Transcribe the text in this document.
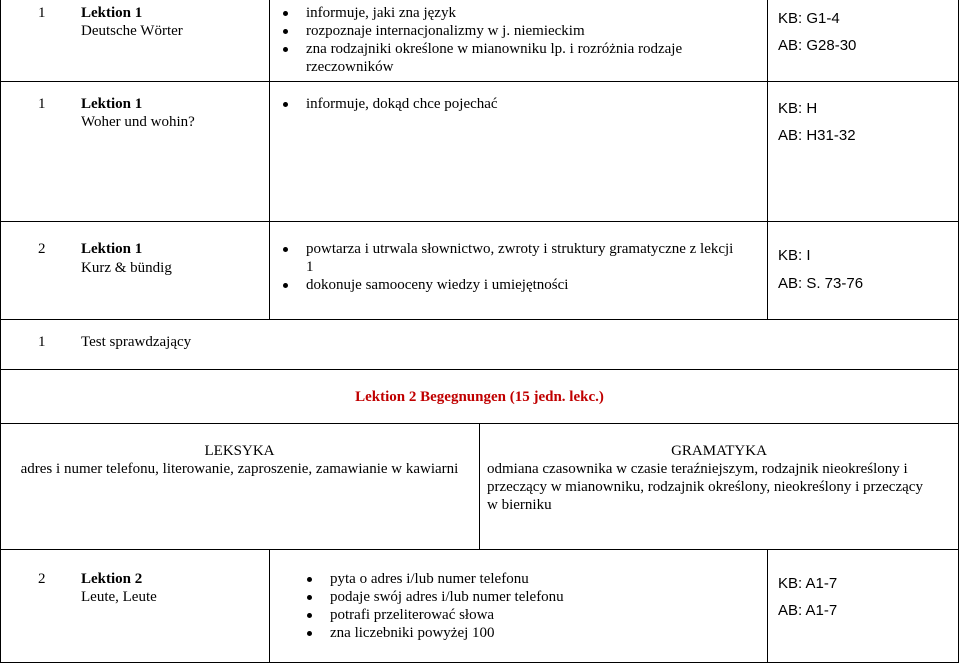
1 Lektion 1
Deutsche Wörter
informuje, jaki zna język
rozpoznaje internacjonalizmy w j. niemieckim
zna rodzajniki określone w mianowniku lp. i rozróżnia rodzaje
rzeczowników
KB: G1-4
AB: G28-30
1 Lektion 1
Woher und wohin?
informuje, dokąd chce pojechać	KB: H
AB: H31-32
2 Lektion 1
Kurz & bündig
powtarza i utrwala słownictwo, zwroty i struktury gramatyczne z lekcji
1
dokonuje samooceny wiedzy i umiejętności
KB: I
AB: S. 73-76
1 Test sprawdzający
Lektion 2 Begegnungen (15 jedn. lekc.)
LEKSYKA
adres i numer telefonu, literowanie, zaproszenie, zamawianie w kawiarni
GRAMATYKA
odmiana czasownika w czasie teraźniejszym, rodzajnik nieokreślony i
przeczący w mianowniku, rodzajnik określony, nieokreślony i przeczący
w bierniku
2 Lektion 2
Leute, Leute
pyta o adres i/lub numer telefonu
podaje swój adres i/lub numer telefonu
potrafi przeliterować słowa
zna liczebniki powyżej 100
KB: A1-7
AB: A1-7
